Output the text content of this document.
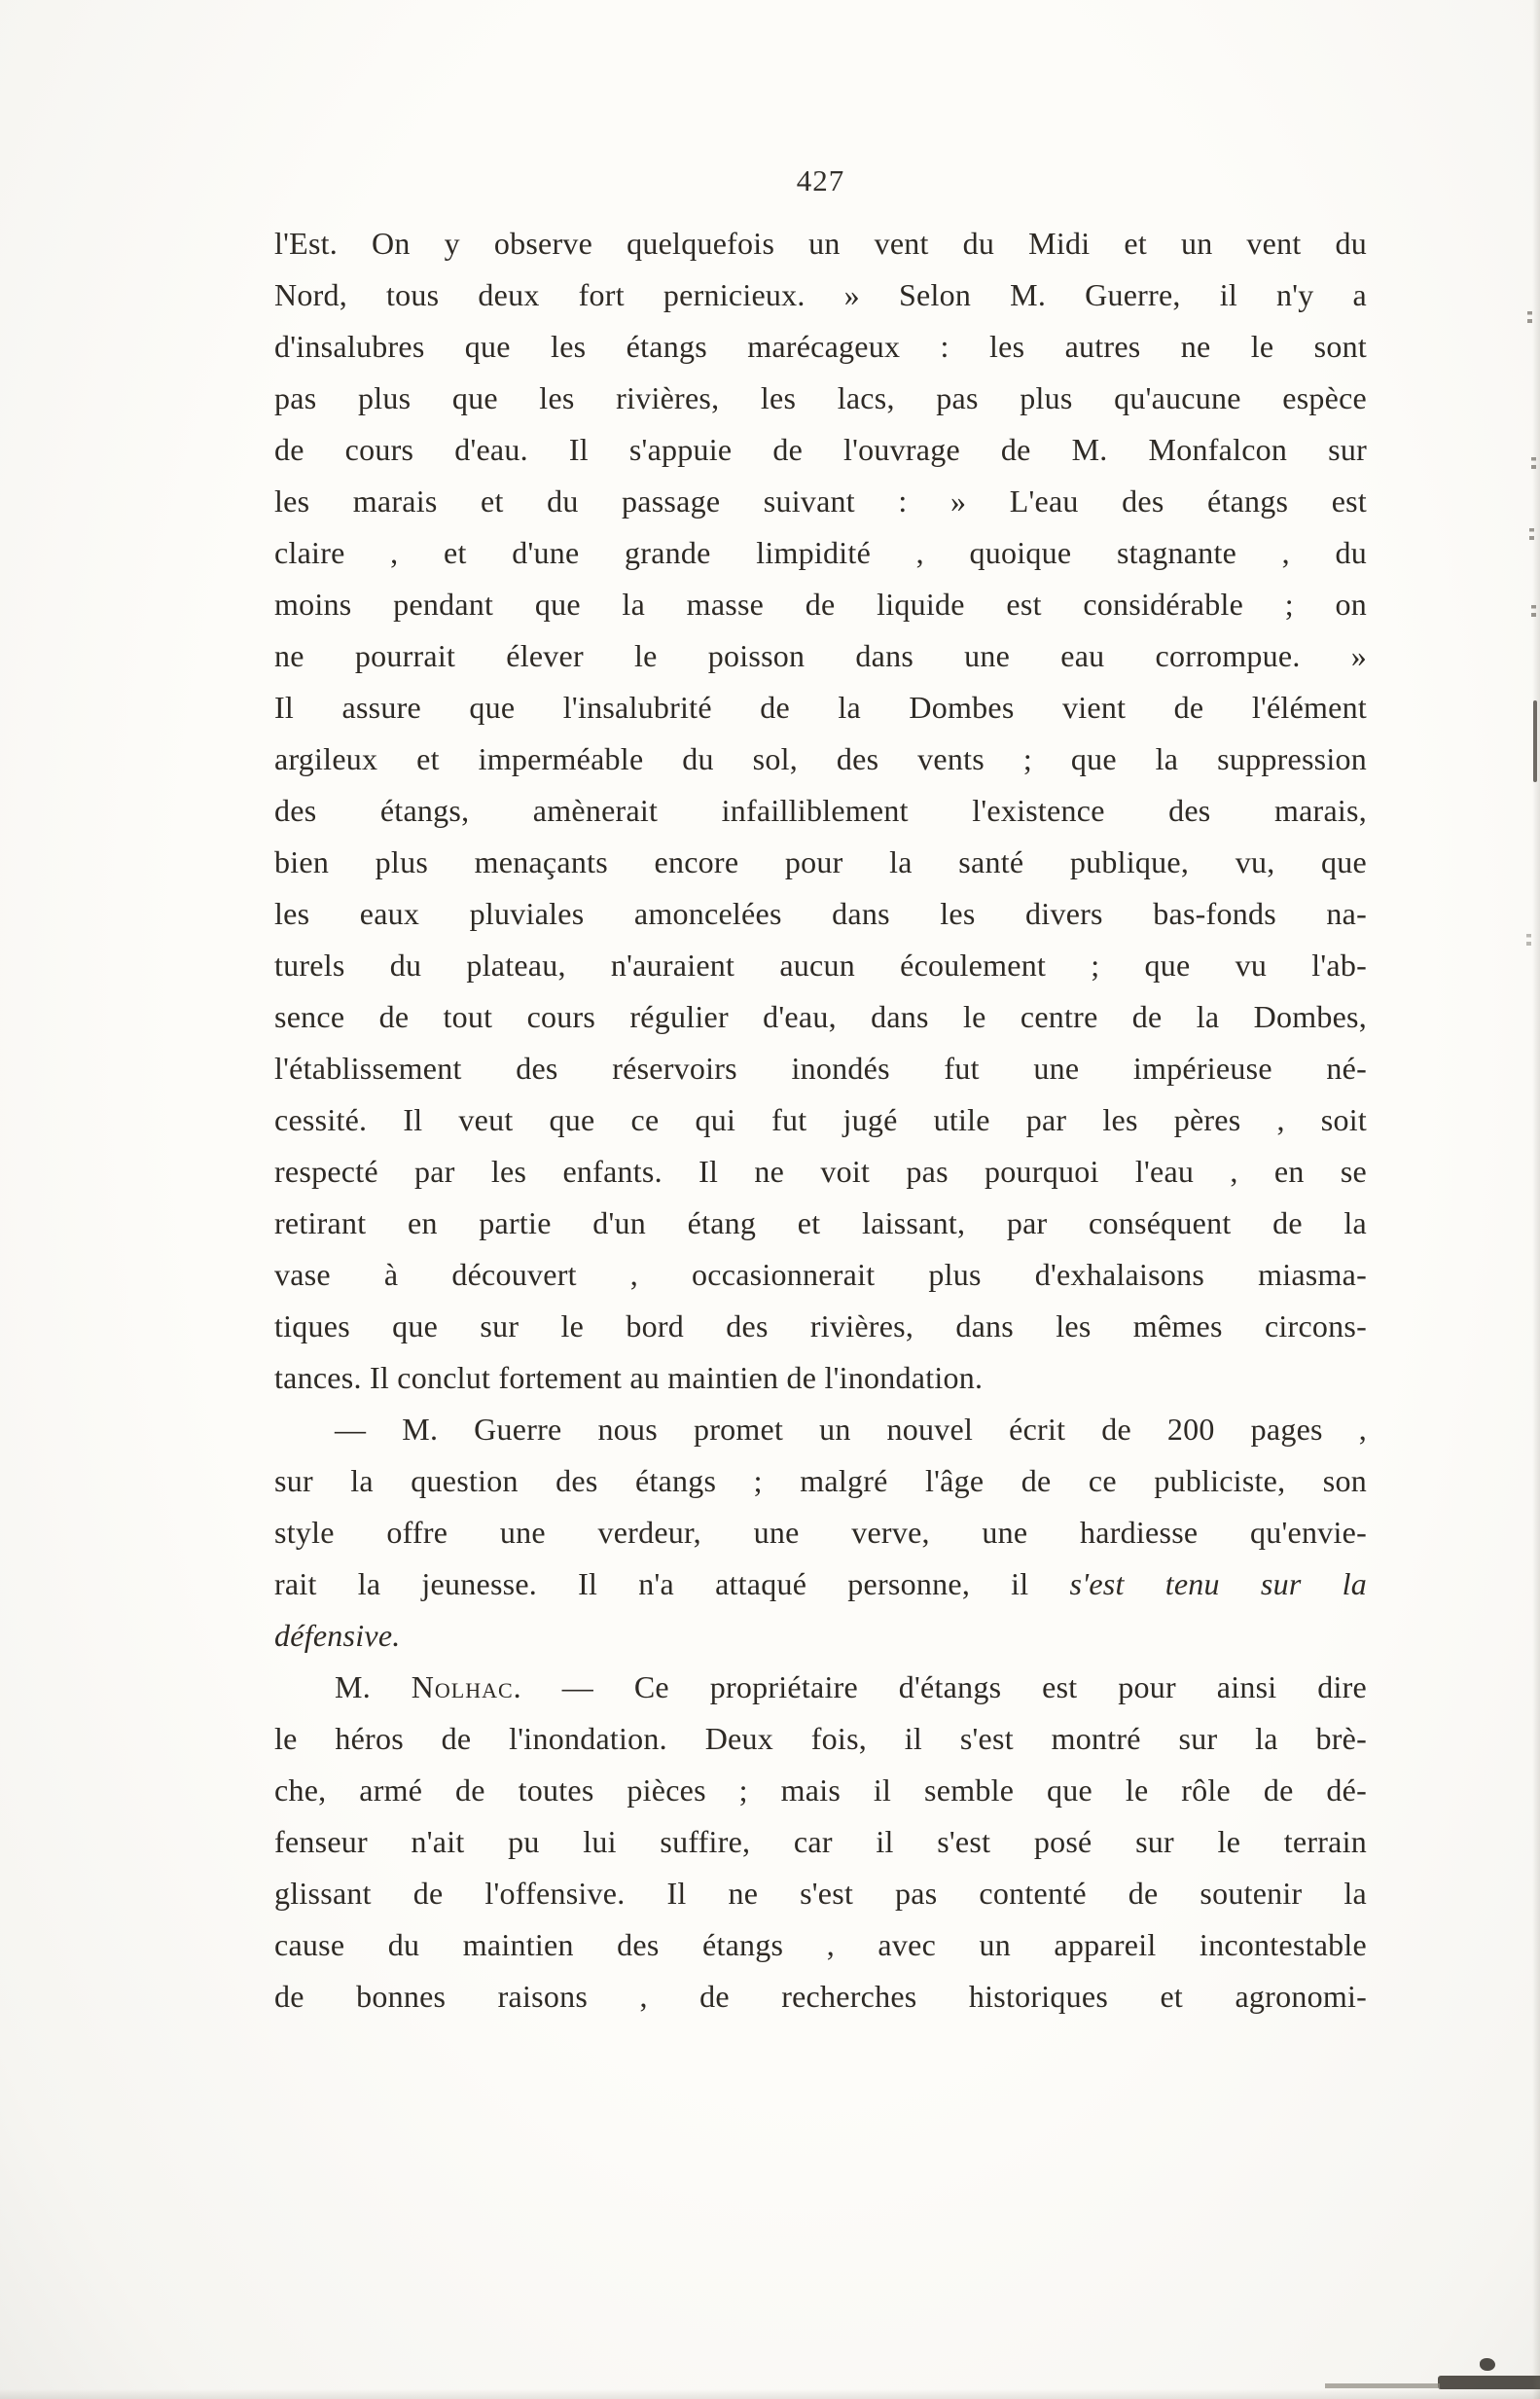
427
l'Est. On y observe quelquefois un vent du Midi et un vent du
Nord, tous deux fort pernicieux. » Selon M. Guerre, il n'y a
d'insalubres que les étangs marécageux : les autres ne le sont
pas plus que les rivières, les lacs, pas plus qu'aucune espèce
de cours d'eau. Il s'appuie de l'ouvrage de M. Monfalcon sur
les marais et du passage suivant : » L'eau des étangs est
claire , et d'une grande limpidité , quoique stagnante , du
moins pendant que la masse de liquide est considérable ; on
ne pourrait élever le poisson dans une eau corrompue. »
Il assure que l'insalubrité de la Dombes vient de l'élément
argileux et imperméable du sol, des vents ; que la suppression
des étangs, amènerait infailliblement l'existence des marais,
bien plus menaçants encore pour la santé publique, vu, que
les eaux pluviales amoncelées dans les divers bas-fonds na-
turels du plateau, n'auraient aucun écoulement ; que vu l'ab-
sence de tout cours régulier d'eau, dans le centre de la Dombes,
l'établissement des réservoirs inondés fut une impérieuse né-
cessité. Il veut que ce qui fut jugé utile par les pères , soit
respecté par les enfants. Il ne voit pas pourquoi l'eau , en se
retirant en partie d'un étang et laissant, par conséquent de la
vase à découvert , occasionnerait plus d'exhalaisons miasma-
tiques que sur le bord des rivières, dans les mêmes circons-
tances. Il conclut fortement au maintien de l'inondation.
— M. Guerre nous promet un nouvel écrit de 200 pages ,
sur la question des étangs ; malgré l'âge de ce publiciste, son
style offre une verdeur, une verve, une hardiesse qu'envie-
rait la jeunesse. Il n'a attaqué personne, il s'est tenu sur la
défensive.
M. Nolhac. — Ce propriétaire d'étangs est pour ainsi dire
le héros de l'inondation. Deux fois, il s'est montré sur la brè-
che, armé de toutes pièces ; mais il semble que le rôle de dé-
fenseur n'ait pu lui suffire, car il s'est posé sur le terrain
glissant de l'offensive. Il ne s'est pas contenté de soutenir la
cause du maintien des étangs , avec un appareil incontestable
de bonnes raisons , de recherches historiques et agronomi-
